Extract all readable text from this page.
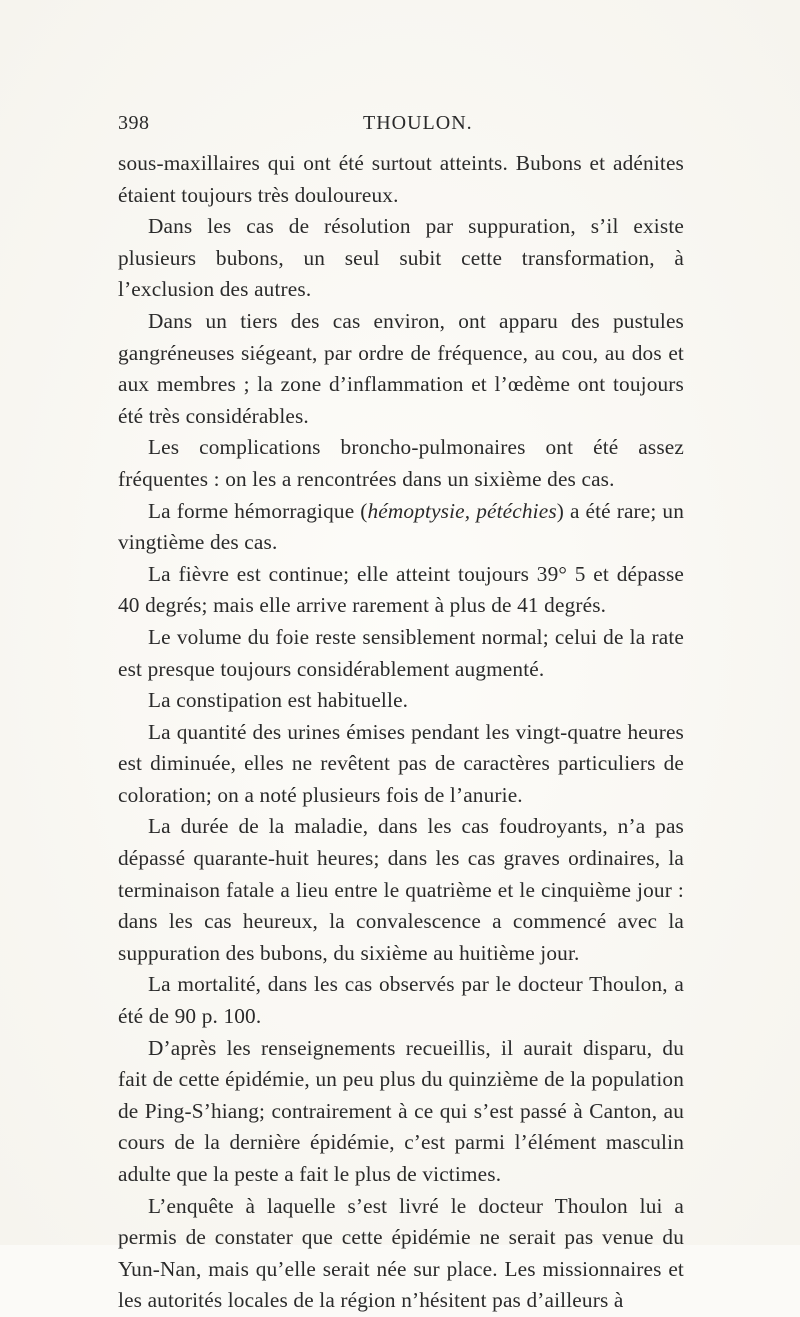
398	THOULON.

sous-maxillaires qui ont été surtout atteints. Bubons et adénites étaient toujours très douloureux.

Dans les cas de résolution par suppuration, s’il existe plusieurs bubons, un seul subit cette transformation, à l’exclusion des autres.

Dans un tiers des cas environ, ont apparu des pustules gangréneuses siégeant, par ordre de fréquence, au cou, au dos et aux membres ; la zone d’inflammation et l’œdème ont toujours été très considérables.

Les complications broncho-pulmonaires ont été assez fréquentes : on les a rencontrées dans un sixième des cas.

La forme hémorragique (hémoptysie, pétéchies) a été rare; un vingtième des cas.

La fièvre est continue; elle atteint toujours 39° 5 et dépasse 40 degrés; mais elle arrive rarement à plus de 41 degrés.

Le volume du foie reste sensiblement normal; celui de la rate est presque toujours considérablement augmenté.

La constipation est habituelle.

La quantité des urines émises pendant les vingt-quatre heures est diminuée, elles ne revêtent pas de caractères particuliers de coloration; on a noté plusieurs fois de l’anurie.

La durée de la maladie, dans les cas foudroyants, n’a pas dépassé quarante-huit heures; dans les cas graves ordinaires, la terminaison fatale a lieu entre le quatrième et le cinquième jour : dans les cas heureux, la convalescence a commencé avec la suppuration des bubons, du sixième au huitième jour.

La mortalité, dans les cas observés par le docteur Thoulon, a été de 90 p. 100.

D’après les renseignements recueillis, il aurait disparu, du fait de cette épidémie, un peu plus du quinzième de la population de Ping-S’hiang; contrairement à ce qui s’est passé à Canton, au cours de la dernière épidémie, c’est parmi l’élément masculin adulte que la peste a fait le plus de victimes.

L’enquête à laquelle s’est livré le docteur Thoulon lui a permis de constater que cette épidémie ne serait pas venue du Yun-Nan, mais qu’elle serait née sur place. Les missionnaires et les autorités locales de la région n’hésitent pas d’ailleurs à
